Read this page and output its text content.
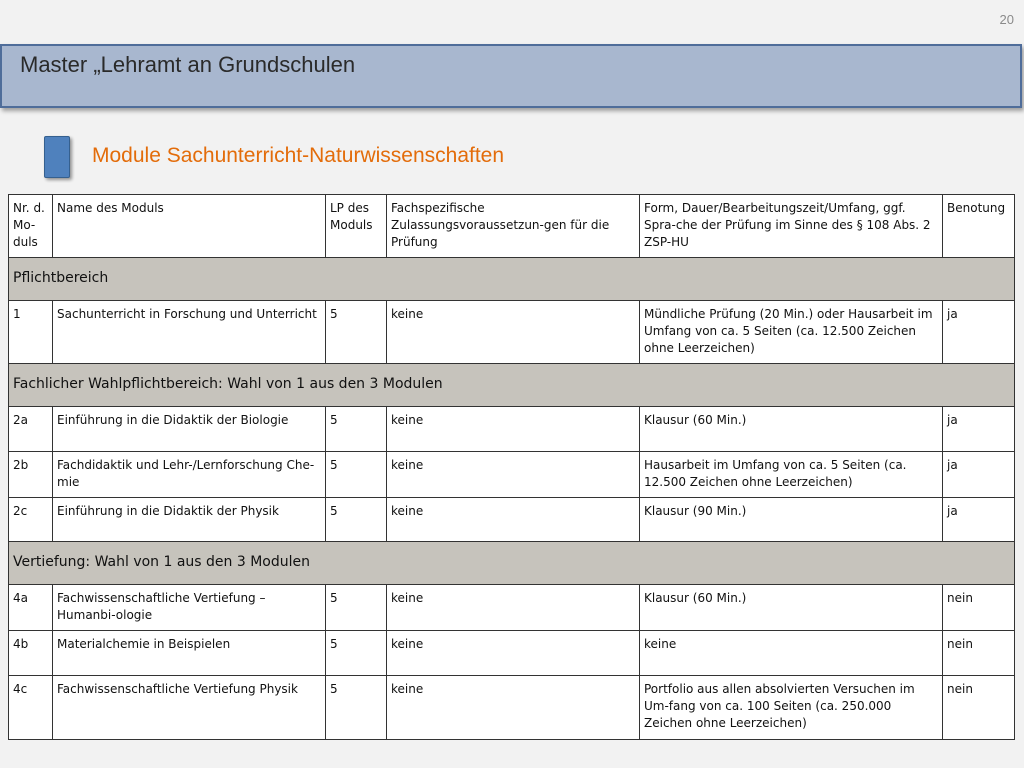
20
Master „Lehramt an Grundschulen
Module Sachunterricht-Naturwissenschaften
Nr. d. Mo-duls	Name des Moduls	LP des Moduls	Fachspezifische Zulassungsvoraussetzun-gen für die Prüfung	Form, Dauer/Bearbeitungszeit/Umfang, ggf. Spra-che der Prüfung im Sinne des § 108 Abs. 2 ZSP-HU	Benotung
Pflichtbereich					
1	Sachunterricht in Forschung und Unterricht	5	keine	Mündliche Prüfung (20 Min.) oder Hausarbeit im Umfang von ca. 5 Seiten (ca. 12.500 Zeichen ohne Leerzeichen)	ja
Fachlicher Wahlpflichtbereich: Wahl von 1 aus den 3 Modulen					
2a	Einführung in die Didaktik der Biologie	5	keine	Klausur (60 Min.)	ja
2b	Fachdidaktik und Lehr-/Lernforschung Che-mie	5	keine	Hausarbeit im Umfang von ca. 5 Seiten (ca. 12.500 Zeichen ohne Leerzeichen)	ja
2c	Einführung in die Didaktik der Physik	5	keine	Klausur (90 Min.)	ja
Vertiefung: Wahl von 1 aus den 3 Modulen					
4a	Fachwissenschaftliche Vertiefung – Humanbi-ologie	5	keine	Klausur (60 Min.)	nein
4b	Materialchemie in Beispielen	5	keine	keine	nein
4c	Fachwissenschaftliche Vertiefung Physik	5	keine	Portfolio aus allen absolvierten Versuchen im Um-fang von ca. 100 Seiten (ca. 250.000 Zeichen ohne Leerzeichen)	nein
